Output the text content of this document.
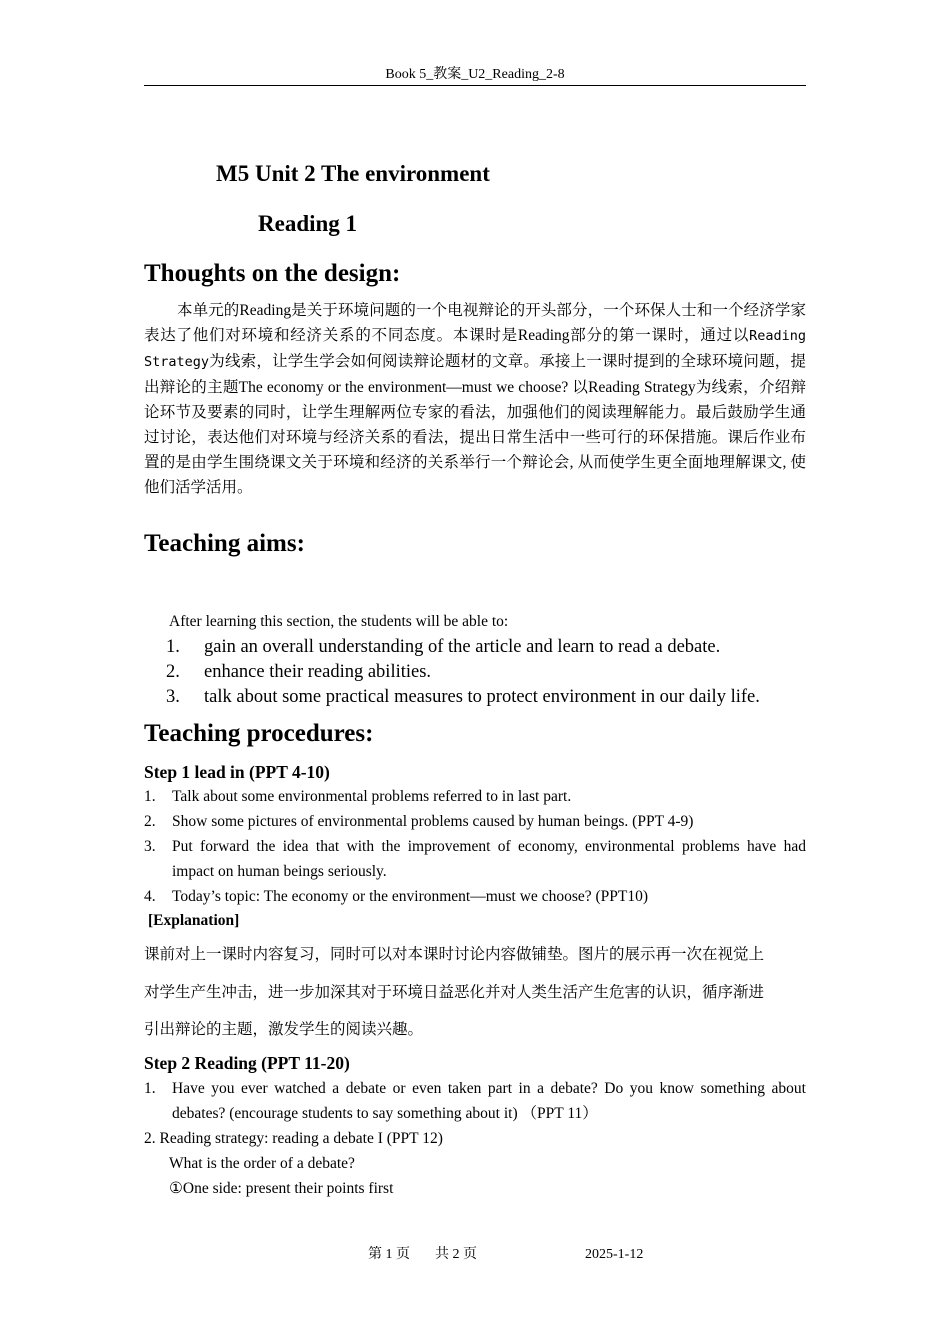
Book 5_教案_U2_Reading_2-8
M5 Unit 2 The environment
Reading 1
Thoughts on the design:
本单元的Reading是关于环境问题的一个电视辩论的开头部分，一个环保人士和一个经济学家表达了他们对环境和经济关系的不同态度。本课时是Reading部分的第一课时，通过以Reading Strategy为线索，让学生学会如何阅读辩论题材的文章。承接上一课时提到的全球环境问题，提出辩论的主题The economy or the environment—must we choose? 以Reading Strategy为线索，介绍辩论环节及要素的同时，让学生理解两位专家的看法，加强他们的阅读理解能力。最后鼓励学生通过讨论，表达他们对环境与经济关系的看法，提出日常生活中一些可行的环保措施。课后作业布置的是由学生围绕课文关于环境和经济的关系举行一个辩论会, 从而使学生更全面地理解课文, 使他们活学活用。
Teaching aims:
After learning this section, the students will be able to:
1. gain an overall understanding of the article and learn to read a debate.
2. enhance their reading abilities.
3. talk about some practical measures to protect environment in our daily life.
Teaching procedures:
Step 1 lead in (PPT 4-10)
1. Talk about some environmental problems referred to in last part.
2. Show some pictures of environmental problems caused by human beings. (PPT 4-9)
3. Put forward the idea that with the improvement of economy, environmental problems have had impact on human beings seriously.
4. Today’s topic: The economy or the environment—must we choose? (PPT10)
[Explanation]
课前对上一课时内容复习，同时可以对本课时讨论内容做铺垫。图片的展示再一次在视觉上
对学生产生冲击，进一步加深其对于环境日益恶化并对人类生活产生危害的认识，循序渐进
引出辩论的主题，激发学生的阅读兴趣。
Step 2 Reading (PPT 11-20)
1. Have you ever watched a debate or even taken part in a debate? Do you know something about debates? (encourage students to say something about it) （PPT 11）
2. Reading strategy: reading a debate I (PPT 12)
What is the order of a debate?
①One side: present their points first
第 1 页 共 2 页	2025-1-12
